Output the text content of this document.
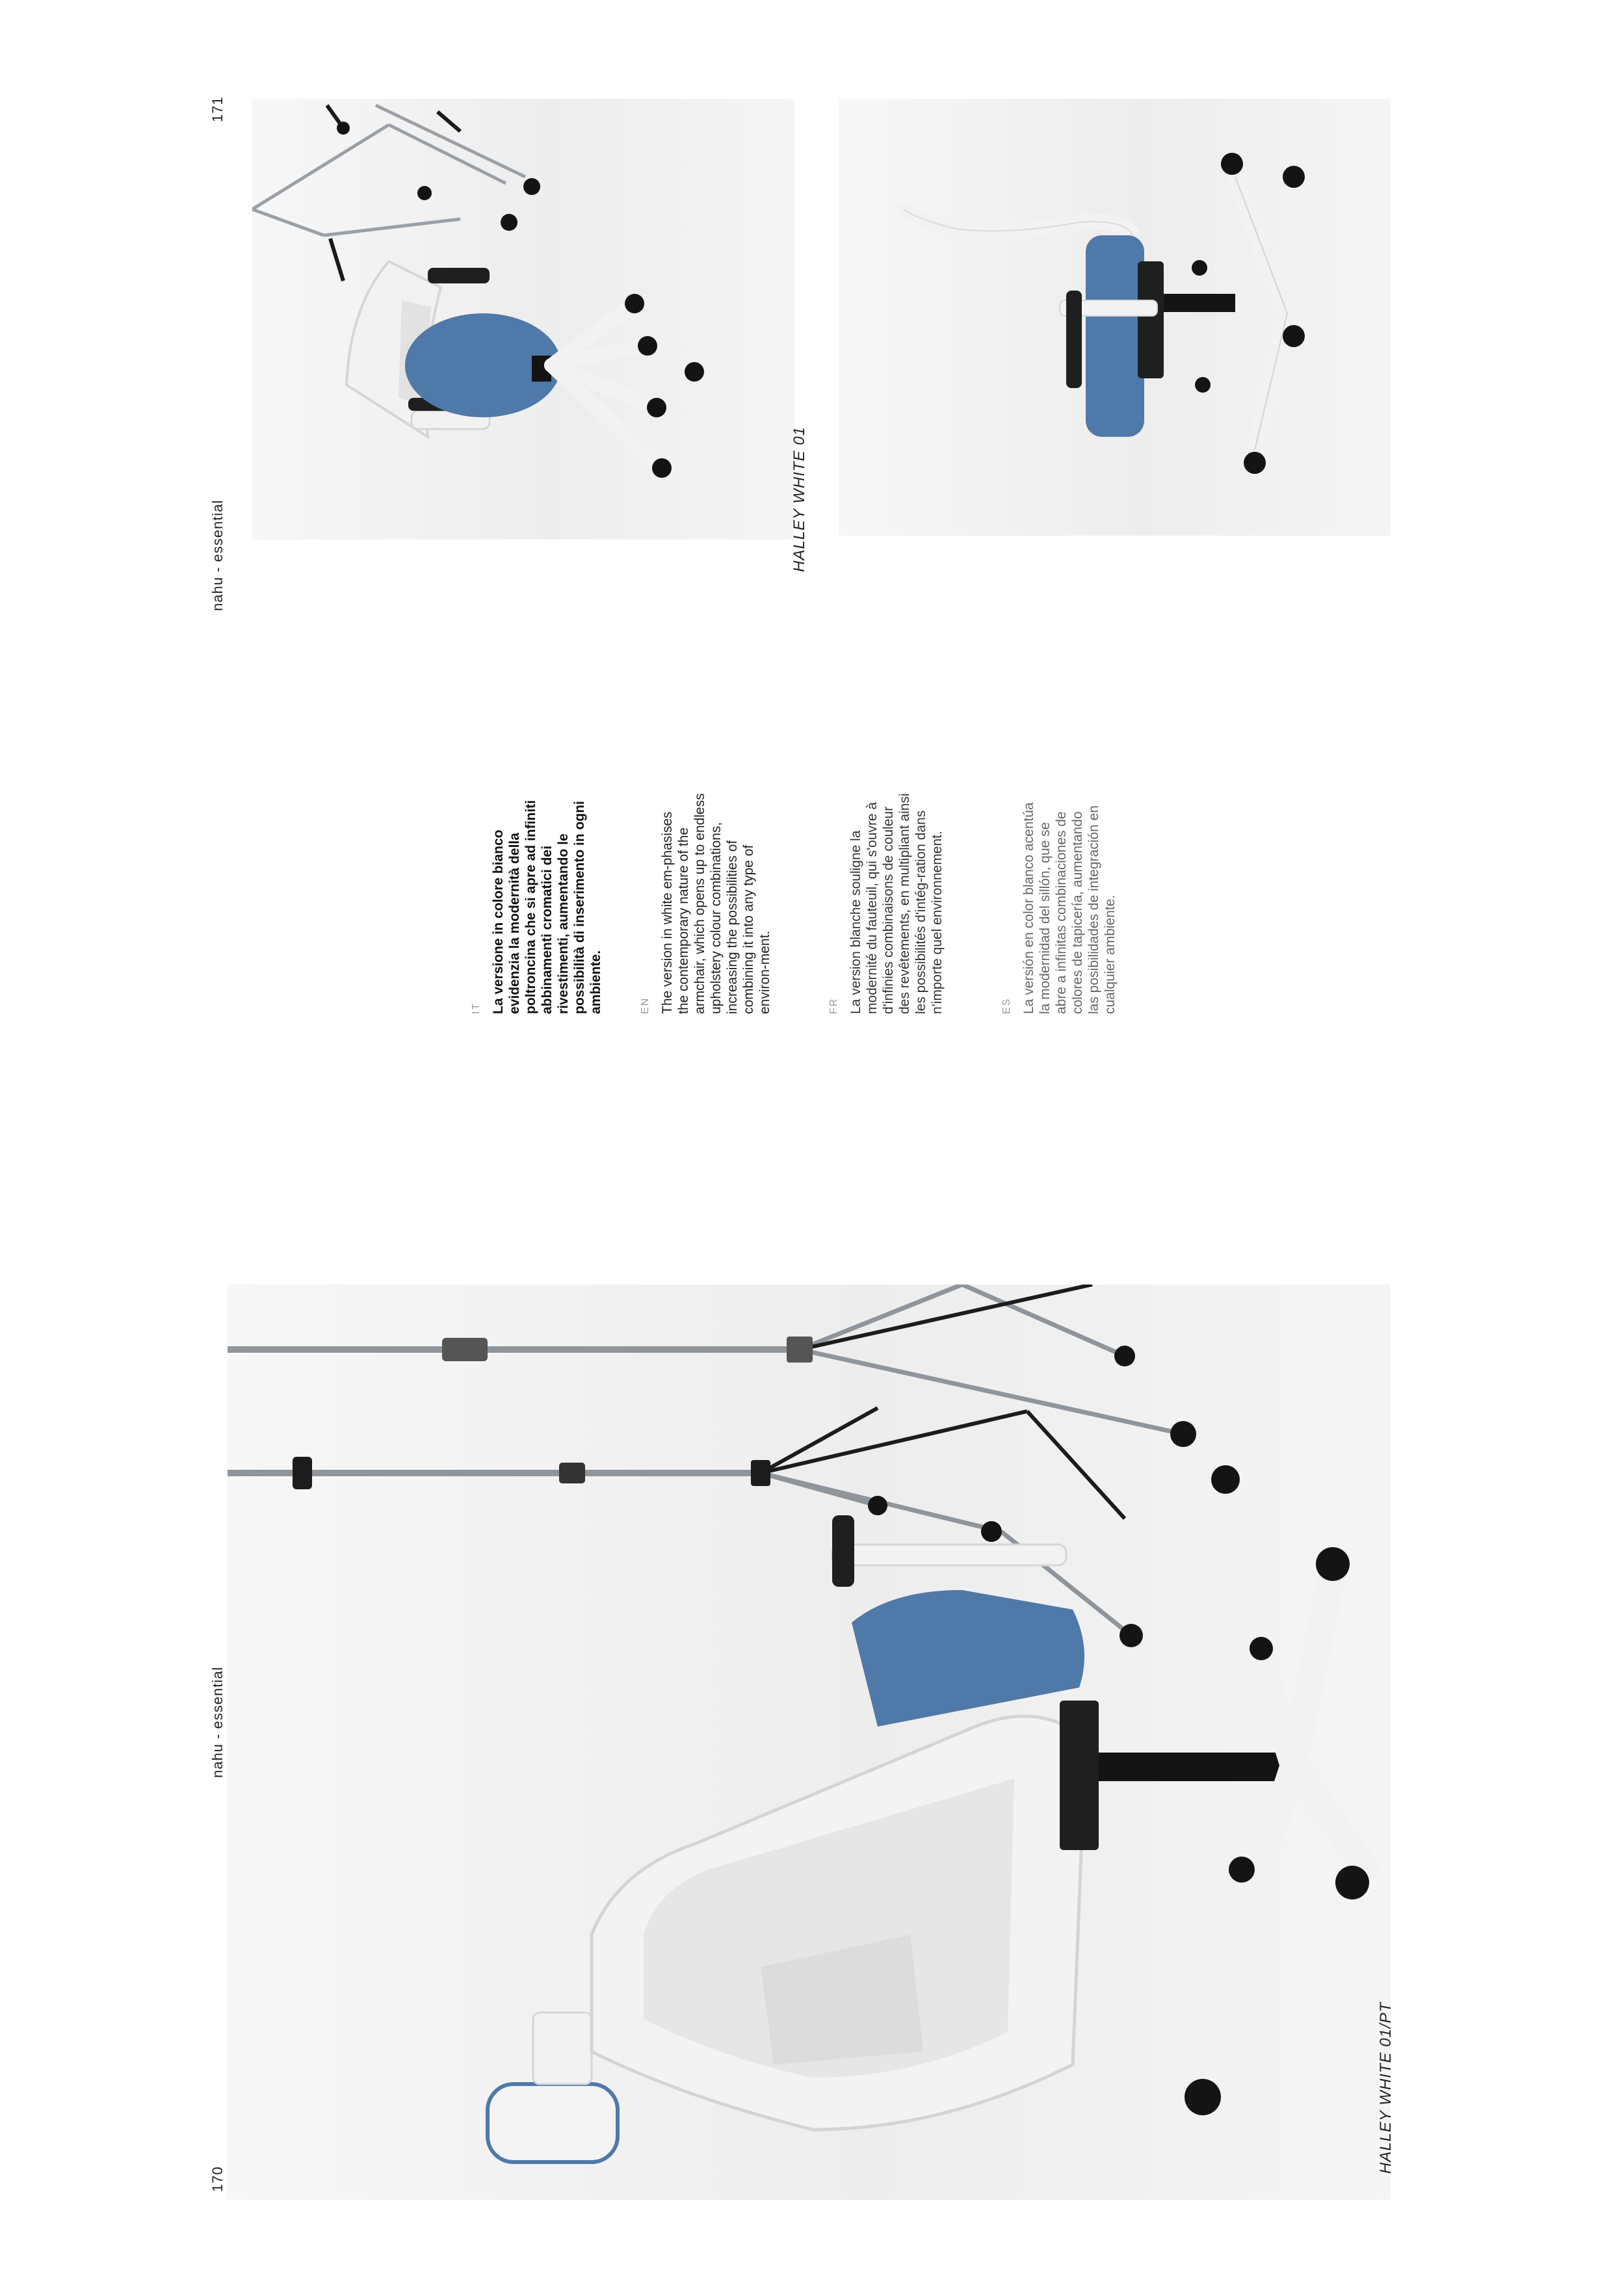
171
nahu - essential
nahu - essential
170
HALLEY WHITE 01
IT La versione in colore bianco evidenzia la modernità della poltroncina che si apre ad infiniti abbinamenti cromatici dei rivestimenti, aumentando le possibilità di inserimento in ogni ambiente.	EN The version in white em-phasises the contemporary nature of the armchair, which opens up to endless upholstery colour combinations, increasing the possibilities of combining it into any type of environ-ment.	FR La version blanche souligne la modernité du fauteuil, qui s'ouvre à d'infinies combinaisons de couleur des revêtements, en multipliant ainsi les possibilités d'intég-ration dans n'importe quel environnement.	ES La versión en color blanco acentúa la modernidad del sillón, que se abre a infinitas combinaciones de colores de tapicería, aumentando las posibilidades de integración en cualquier ambiente.
HALLEY WHITE 01/PT
